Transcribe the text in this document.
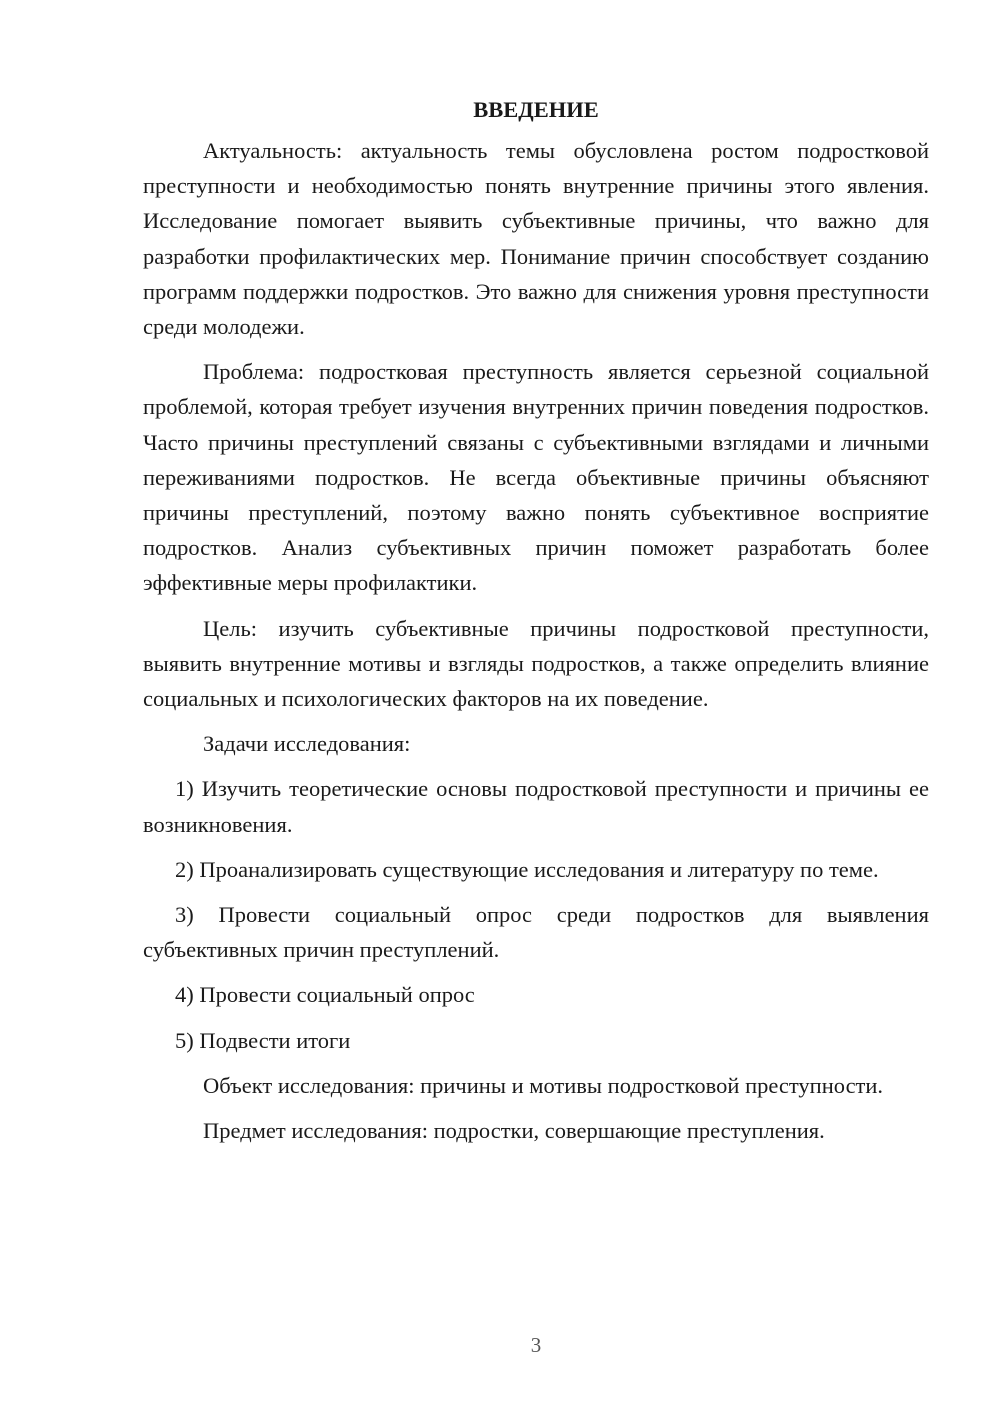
ВВЕДЕНИЕ

Актуальность: актуальность темы обусловлена ростом подростковой преступности и необходимостью понять внутренние причины этого явления. Исследование помогает выявить субъективные причины, что важно для разработки профилактических мер. Понимание причин способствует созданию программ поддержки подростков. Это важно для снижения уровня преступности среди молодежи.

Проблема: подростковая преступность является серьезной социальной проблемой, которая требует изучения внутренних причин поведения подростков. Часто причины преступлений связаны с субъективными взглядами и личными переживаниями подростков. Не всегда объективные причины объясняют причины преступлений, поэтому важно понять субъективное восприятие подростков. Анализ субъективных причин поможет разработать более эффективные меры профилактики.

Цель: изучить субъективные причины подростковой преступности, выявить внутренние мотивы и взгляды подростков, а также определить влияние социальных и психологических факторов на их поведение.

Задачи исследования:

1) Изучить теоретические основы подростковой преступности и причины ее возникновения.

2) Проанализировать существующие исследования и литературу по теме.

3) Провести социальный опрос среди подростков для выявления субъективных причин преступлений.

4) Провести социальный опрос

5) Подвести итоги

Объект исследования: причины и мотивы подростковой преступности.

Предмет исследования: подростки, совершающие преступления.

3
